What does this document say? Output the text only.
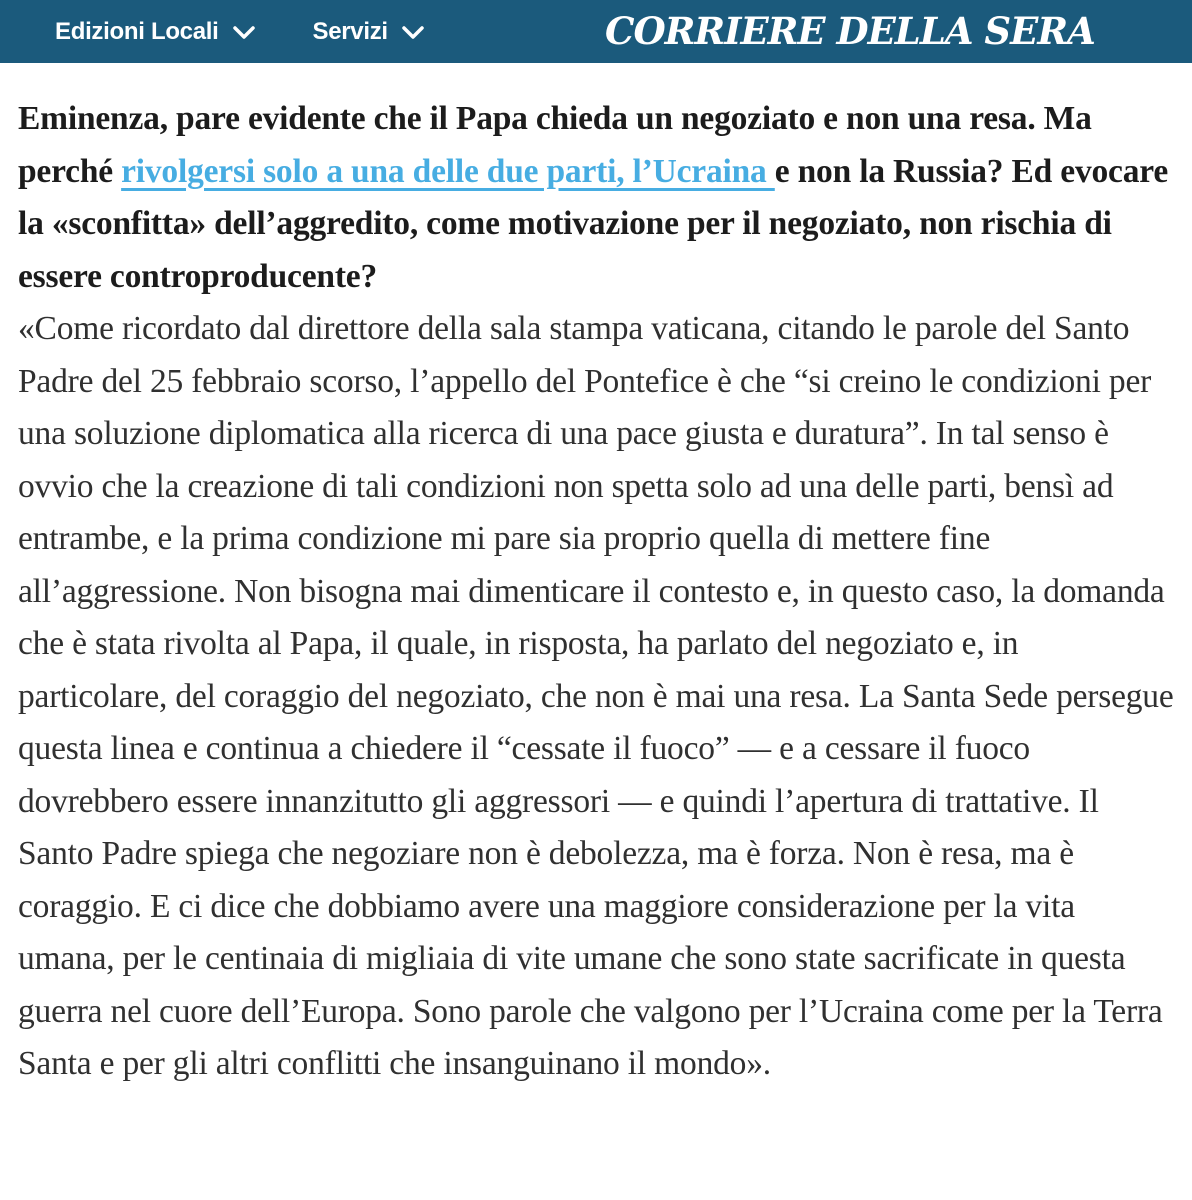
Edizioni Locali	Servizi	CORRIERE DELLA SERA

Eminenza, pare evidente che il Papa chieda un negoziato e non una resa. Ma perché rivolgersi solo a una delle due parti, l’Ucraina e non la Russia? Ed evocare la «sconfitta» dell’aggredito, come motivazione per il negoziato, non rischia di essere controproducente?

«Come ricordato dal direttore della sala stampa vaticana, citando le parole del Santo Padre del 25 febbraio scorso, l’appello del Pontefice è che “si creino le condizioni per una soluzione diplomatica alla ricerca di una pace giusta e duratura”. In tal senso è ovvio che la creazione di tali condizioni non spetta solo ad una delle parti, bensì ad entrambe, e la prima condizione mi pare sia proprio quella di mettere fine all’aggressione. Non bisogna mai dimenticare il contesto e, in questo caso, la domanda che è stata rivolta al Papa, il quale, in risposta, ha parlato del negoziato e, in particolare, del coraggio del negoziato, che non è mai una resa. La Santa Sede persegue questa linea e continua a chiedere il “cessate il fuoco” — e a cessare il fuoco dovrebbero essere innanzitutto gli aggressori — e quindi l’apertura di trattative. Il Santo Padre spiega che negoziare non è debolezza, ma è forza. Non è resa, ma è coraggio. E ci dice che dobbiamo avere una maggiore considerazione per la vita umana, per le centinaia di migliaia di vite umane che sono state sacrificate in questa guerra nel cuore dell’Europa. Sono parole che valgono per l’Ucraina come per la Terra Santa e per gli altri conflitti che insanguinano il mondo».
